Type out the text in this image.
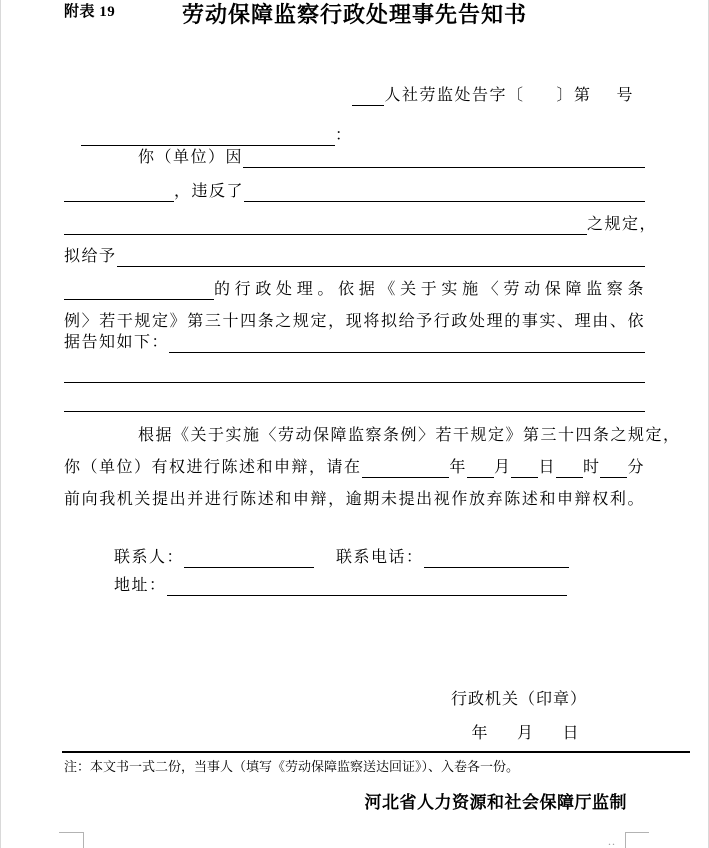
附表 19	劳动保障监察行政处理事先告知书
人社劳监处告字〔 〕第 号
：
你（单位）因
，违反了
之规定，
拟给予
的行政处理。依据《关于实施〈劳动保障监察条
例〉若干规定》第三十四条之规定，现将拟给予行政处理的事实、理由、依
据告知如下：
根据《关于实施〈劳动保障监察条例〉若干规定》第三十四条之规定，
你（单位）有权进行陈述和申辩，请在	年 月 日 时 分
前向我机关提出并进行陈述和申辩，逾期未提出视作放弃陈述和申辩权利。
联系人：	联系电话：
地址：
行政机关（印章）
年 月 日
注：本文书一式二份，当事人（填写《劳动保障监察送达回证》）、入卷各一份。
河北省人力资源和社会保障厅监制
..
